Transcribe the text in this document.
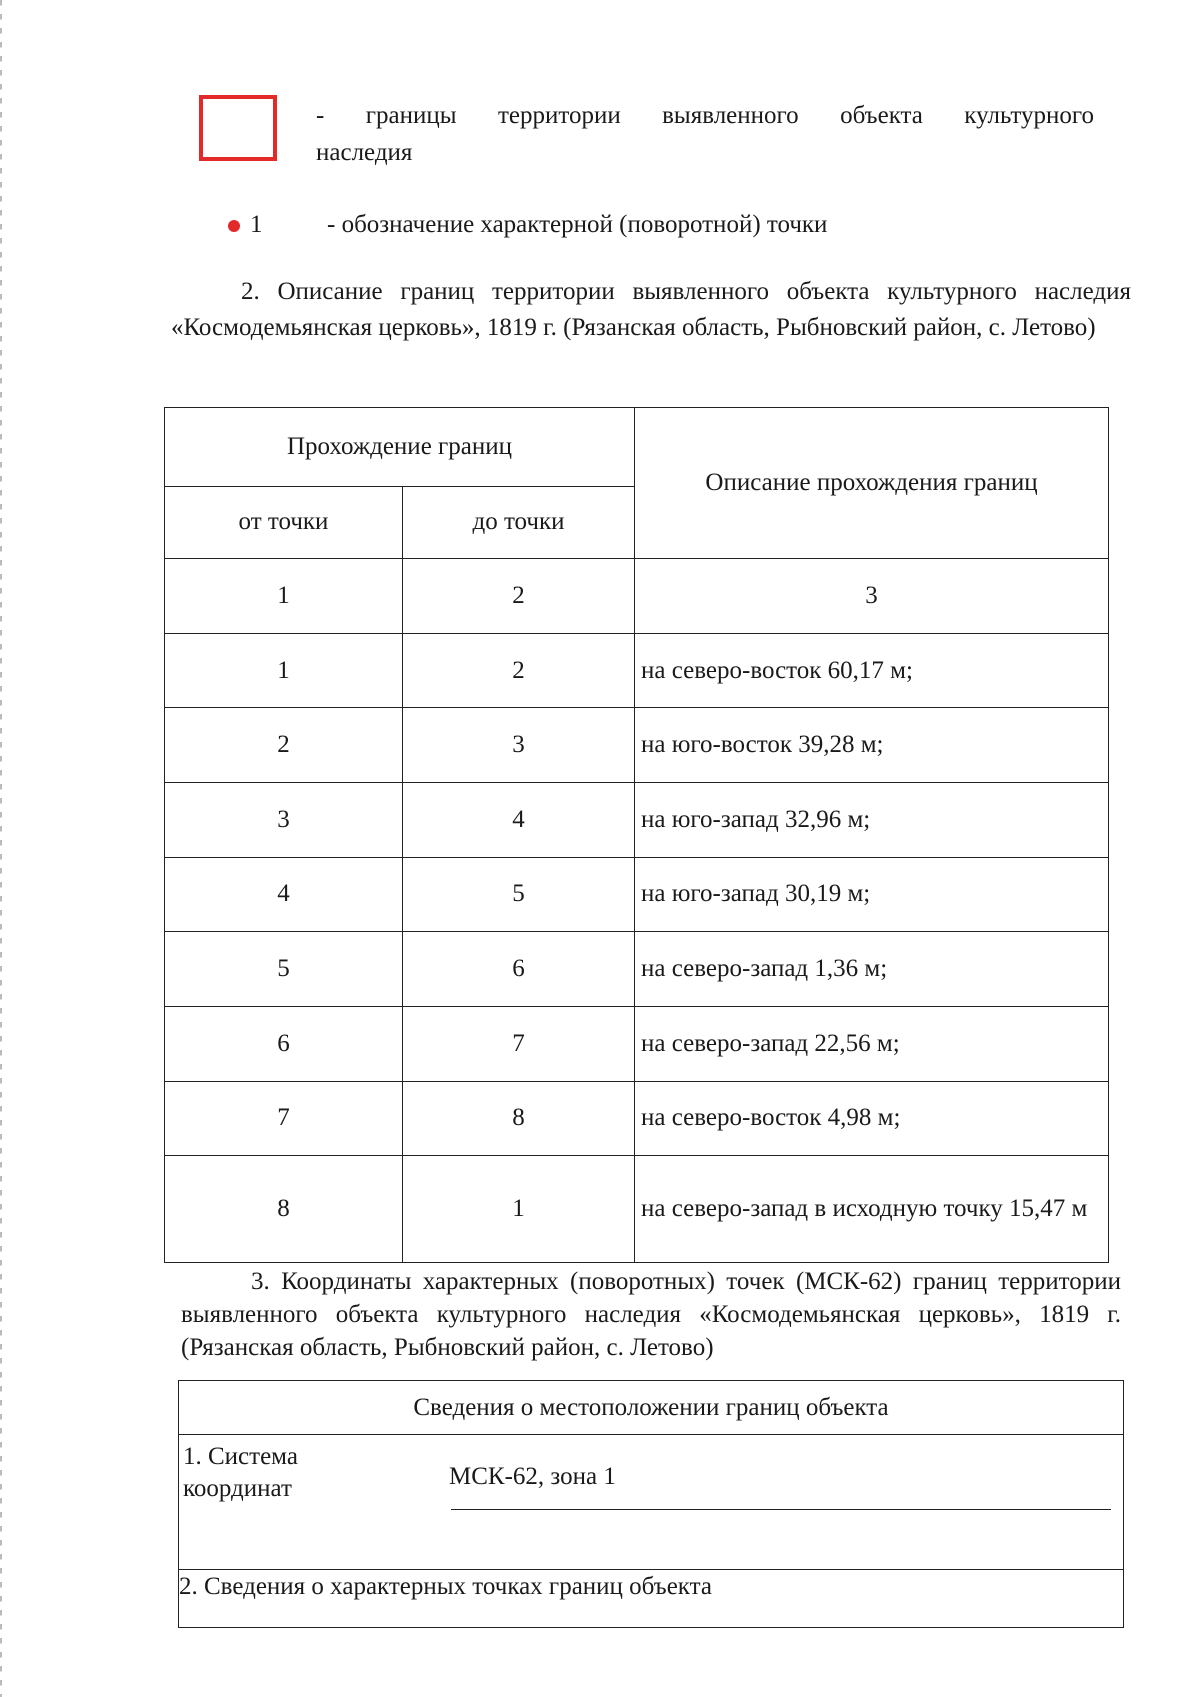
- границы территории выявленного объекта культурного
наследия
1	- обозначение характерной (поворотной) точки
2. Описание границ территории выявленного объекта культурного наследия «Космодемьянская церковь», 1819 г. (Рязанская область, Рыбновский район, с. Летово)
Прохождение границ		Описание прохождения границ
от точки	до точки	
1	2	3
1	2	на северо-восток 60,17 м;
2	3	на юго-восток 39,28 м;
3	4	на юго-запад 32,96 м;
4	5	на юго-запад 30,19 м;
5	6	на северо-запад 1,36 м;
6	7	на северо-запад 22,56 м;
7	8	на северо-восток 4,98 м;
8	1	на северо-запад в исходную точку 15,47 м
3. Координаты характерных (поворотных) точек (МСК-62) границ территории выявленного объекта культурного наследия «Космодемьянская церковь», 1819 г. (Рязанская область, Рыбновский район, с. Летово)
Сведения о местоположении границ объекта

1. Система координат	МСК-62, зона 1

2. Сведения о характерных точках границ объекта
